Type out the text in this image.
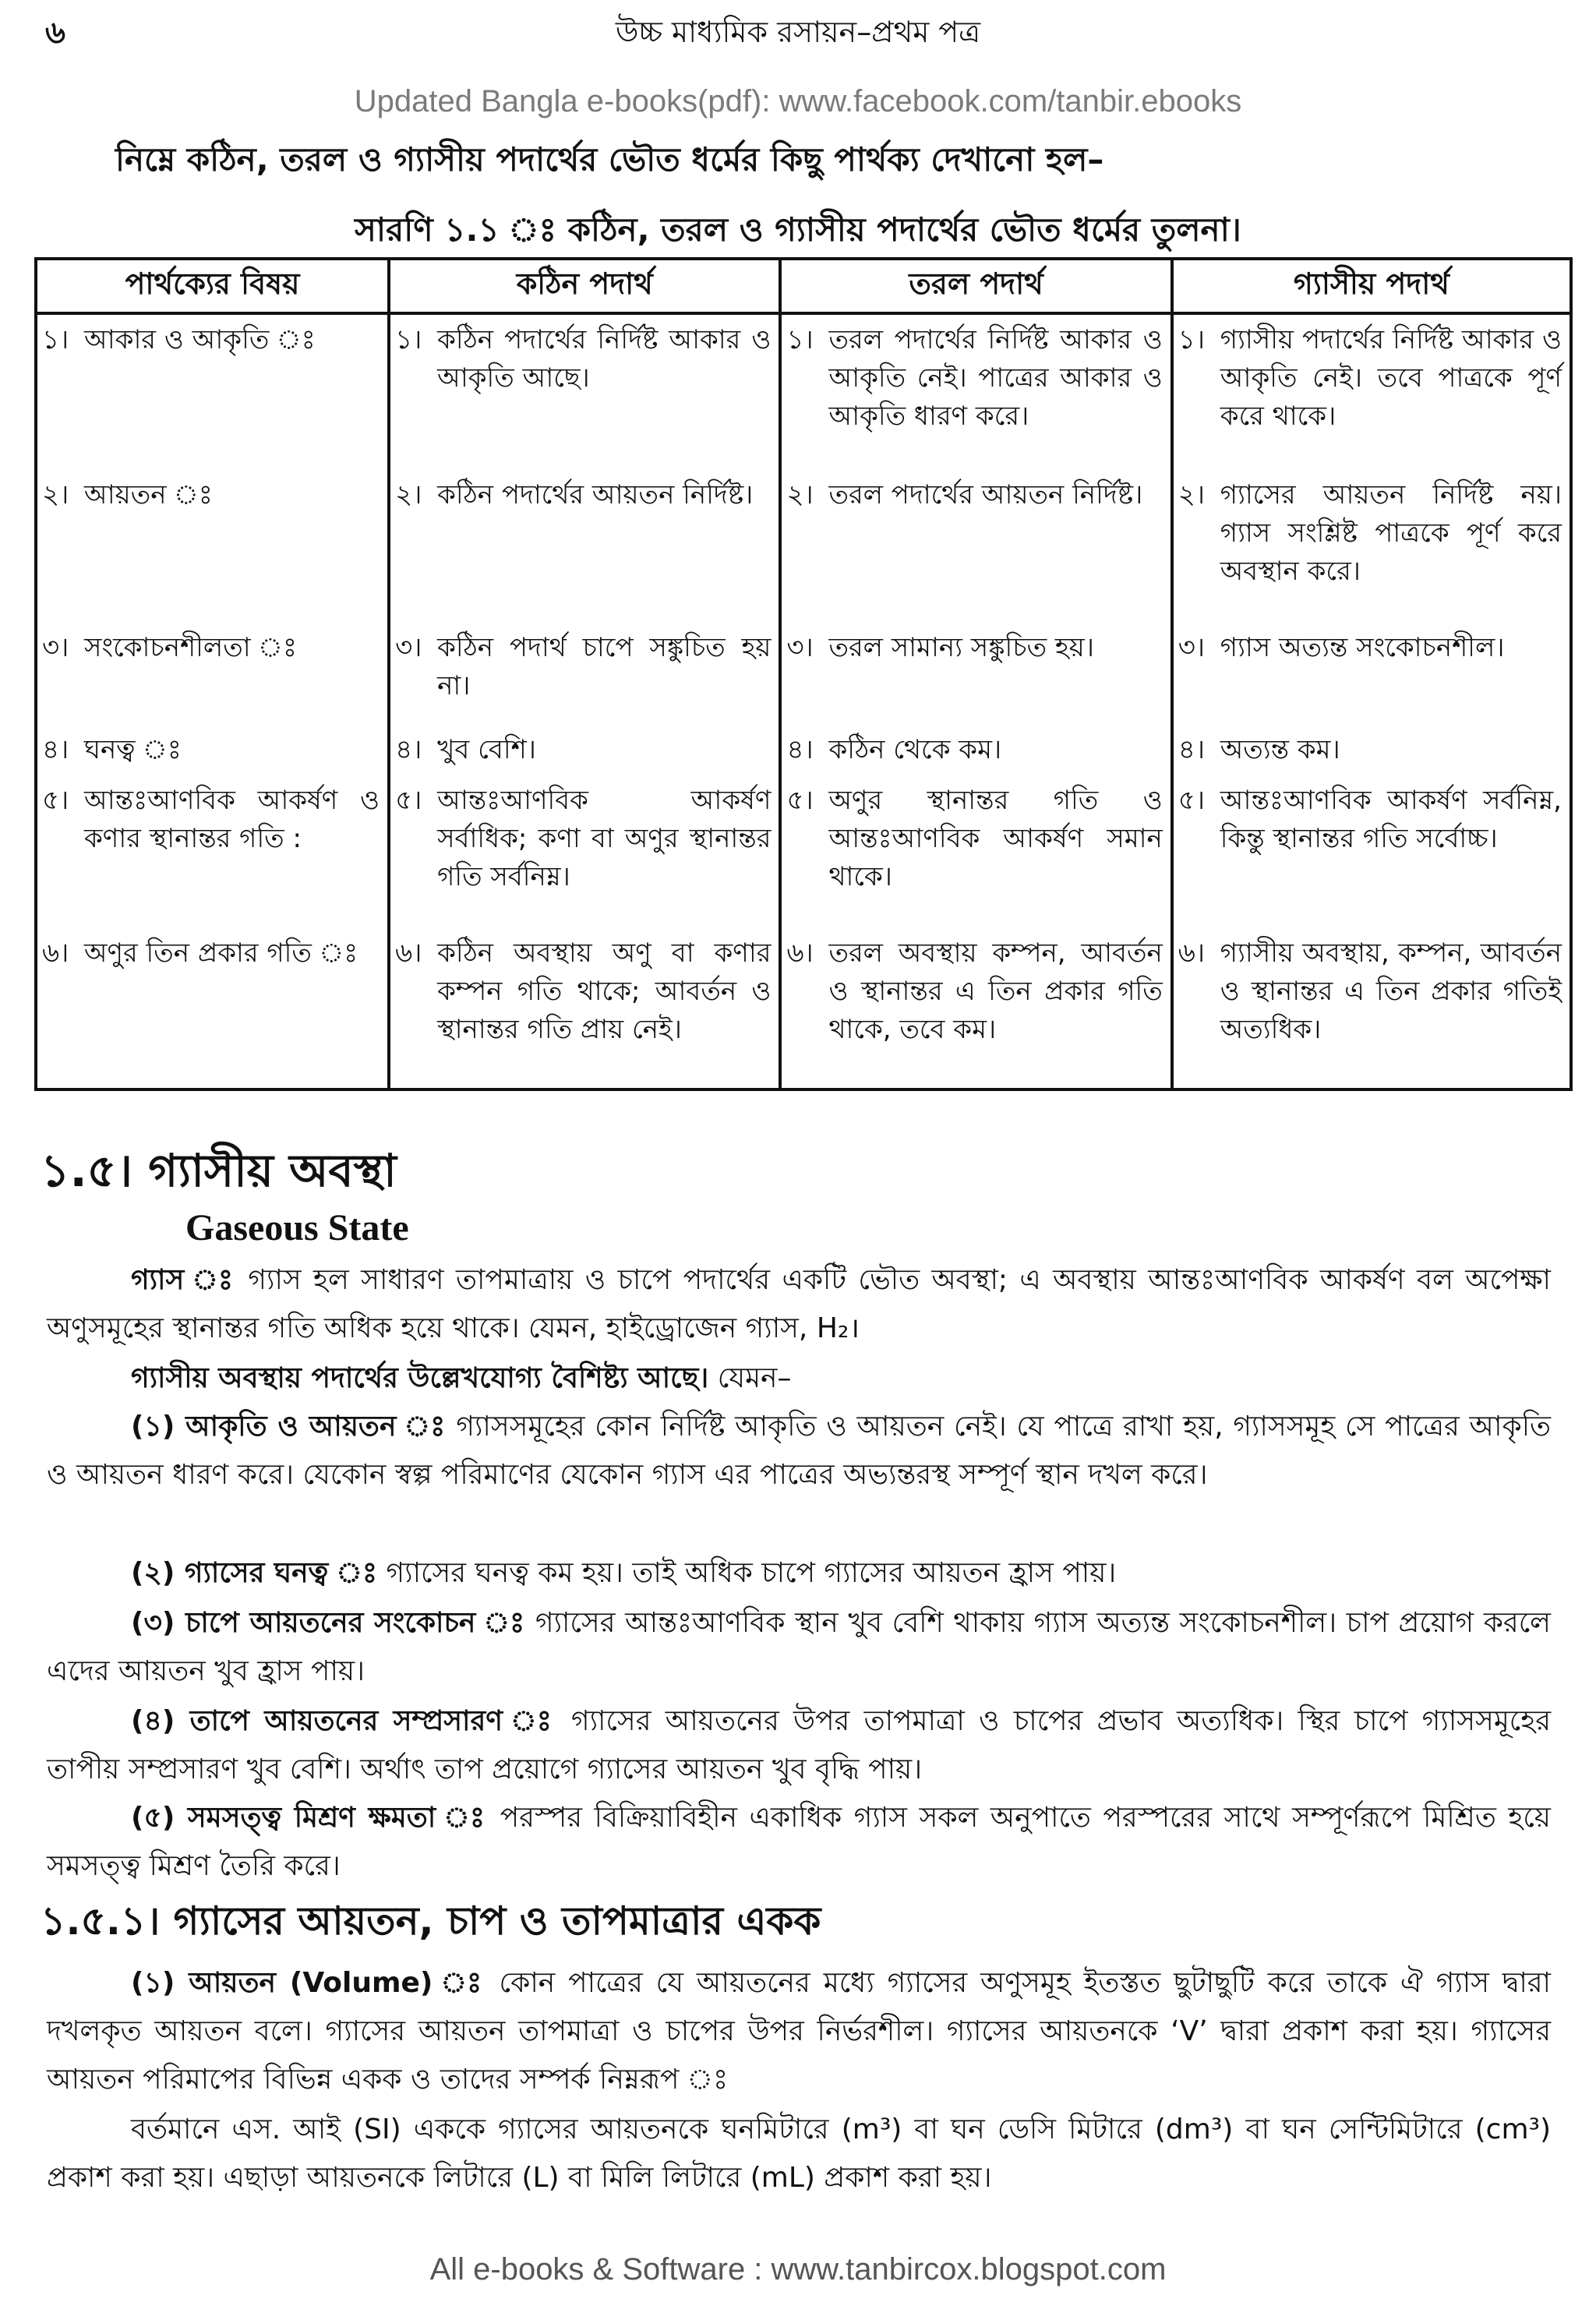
৬	উচ্চ মাধ্যমিক রসায়ন–প্রথম পত্র
Updated Bangla e-books(pdf): www.facebook.com/tanbir.ebooks
নিম্নে কঠিন, তরল ও গ্যাসীয় পদার্থের ভৌত ধর্মের কিছু পার্থক্য দেখানো হল–
সারণি ১.১ ঃ কঠিন, তরল ও গ্যাসীয় পদার্থের ভৌত ধর্মের তুলনা।
পার্থক্যের বিষয়	কঠিন পদার্থ	তরল পদার্থ	গ্যাসীয় পদার্থ

১। আকার ও আকৃতি ঃ	১। কঠিন পদার্থের নির্দিষ্ট আকার ও আকৃতি আছে।	১। তরল পদার্থের নির্দিষ্ট আকার ও আকৃতি নেই। পাত্রের আকার ও আকৃতি ধারণ করে।	১। গ্যাসীয় পদার্থের নির্দিষ্ট আকার ও আকৃতি নেই। তবে পাত্রকে পূর্ণ করে থাকে।

২। আয়তন ঃ	২। কঠিন পদার্থের আয়তন নির্দিষ্ট।	২। তরল পদার্থের আয়তন নির্দিষ্ট।	২। গ্যাসের আয়তন নির্দিষ্ট নয়। গ্যাস সংশ্লিষ্ট পাত্রকে পূর্ণ করে অবস্থান করে।

৩। সংকোচনশীলতা ঃ	৩। কঠিন পদার্থ চাপে সঙ্কুচিত হয় না।	৩। তরল সামান্য সঙ্কুচিত হয়।	৩। গ্যাস অত্যন্ত সংকোচনশীল।

৪। ঘনত্ব ঃ	৪। খুব বেশি।	৪। কঠিন থেকে কম।	৪। অত্যন্ত কম।

৫। আন্তঃআণবিক আকর্ষণ ও কণার স্থানান্তর গতি :	৫। আন্তঃআণবিক আকর্ষণ সর্বাধিক; কণা বা অণুর স্থানান্তর গতি সর্বনিম্ন।	৫। অণুর স্থানান্তর গতি ও আন্তঃআণবিক আকর্ষণ সমান থাকে।	৫। আন্তঃআণবিক আকর্ষণ সর্বনিম্ন, কিন্তু স্থানান্তর গতি সর্বোচ্চ।

৬। অণুর তিন প্রকার গতি ঃ	৬। কঠিন অবস্থায় অণু বা কণার কম্পন গতি থাকে; আবর্তন ও স্থানান্তর গতি প্রায় নেই।	৬। তরল অবস্থায় কম্পন, আবর্তন ও স্থানান্তর এ তিন প্রকার গতি থাকে, তবে কম।	৬। গ্যাসীয় অবস্থায়, কম্পন, আবর্তন ও স্থানান্তর এ তিন প্রকার গতিই অত্যধিক।
১.৫। গ্যাসীয় অবস্থা
Gaseous State
গ্যাস ঃ গ্যাস হল সাধারণ তাপমাত্রায় ও চাপে পদার্থের একটি ভৌত অবস্থা; এ অবস্থায় আন্তঃআণবিক আকর্ষণ বল অপেক্ষা অণুসমূহের স্থানান্তর গতি অধিক হয়ে থাকে। যেমন, হাইড্রোজেন গ্যাস, H₂।
গ্যাসীয় অবস্থায় পদার্থের উল্লেখযোগ্য বৈশিষ্ট্য আছে। যেমন–
(১) আকৃতি ও আয়তন ঃ গ্যাসসমূহের কোন নির্দিষ্ট আকৃতি ও আয়তন নেই। যে পাত্রে রাখা হয়, গ্যাসসমূহ সে পাত্রের আকৃতি ও আয়তন ধারণ করে। যেকোন স্বল্প পরিমাণের যেকোন গ্যাস এর পাত্রের অভ্যন্তরস্থ সম্পূর্ণ স্থান দখল করে।
(২) গ্যাসের ঘনত্ব ঃ গ্যাসের ঘনত্ব কম হয়। তাই অধিক চাপে গ্যাসের আয়তন হ্রাস পায়।
(৩) চাপে আয়তনের সংকোচন ঃ গ্যাসের আন্তঃআণবিক স্থান খুব বেশি থাকায় গ্যাস অত্যন্ত সংকোচনশীল। চাপ প্রয়োগ করলে এদের আয়তন খুব হ্রাস পায়।
(৪) তাপে আয়তনের সম্প্রসারণ ঃ গ্যাসের আয়তনের উপর তাপমাত্রা ও চাপের প্রভাব অত্যধিক। স্থির চাপে গ্যাসসমূহের তাপীয় সম্প্রসারণ খুব বেশি। অর্থাৎ তাপ প্রয়োগে গ্যাসের আয়তন খুব বৃদ্ধি পায়।
(৫) সমসত্ত্ব মিশ্রণ ক্ষমতা ঃ পরস্পর বিক্রিয়াবিহীন একাধিক গ্যাস সকল অনুপাতে পরস্পরের সাথে সম্পূর্ণরূপে মিশ্রিত হয়ে সমসত্ত্ব মিশ্রণ তৈরি করে।
১.৫.১। গ্যাসের আয়তন, চাপ ও তাপমাত্রার একক
(১) আয়তন (Volume) ঃ কোন পাত্রের যে আয়তনের মধ্যে গ্যাসের অণুসমূহ ইতস্তত ছুটাছুটি করে তাকে ঐ গ্যাস দ্বারা দখলকৃত আয়তন বলে। গ্যাসের আয়তন তাপমাত্রা ও চাপের উপর নির্ভরশীল। গ্যাসের আয়তনকে ‘V’ দ্বারা প্রকাশ করা হয়। গ্যাসের আয়তন পরিমাপের বিভিন্ন একক ও তাদের সম্পর্ক নিম্নরূপ ঃ
বর্তমানে এস. আই (SI) এককে গ্যাসের আয়তনকে ঘনমিটারে (m³) বা ঘন ডেসি মিটারে (dm³) বা ঘন সেন্টিমিটারে (cm³) প্রকাশ করা হয়। এছাড়া আয়তনকে লিটারে (L) বা মিলি লিটারে (mL) প্রকাশ করা হয়।
All e-books & Software : www.tanbircox.blogspot.com
